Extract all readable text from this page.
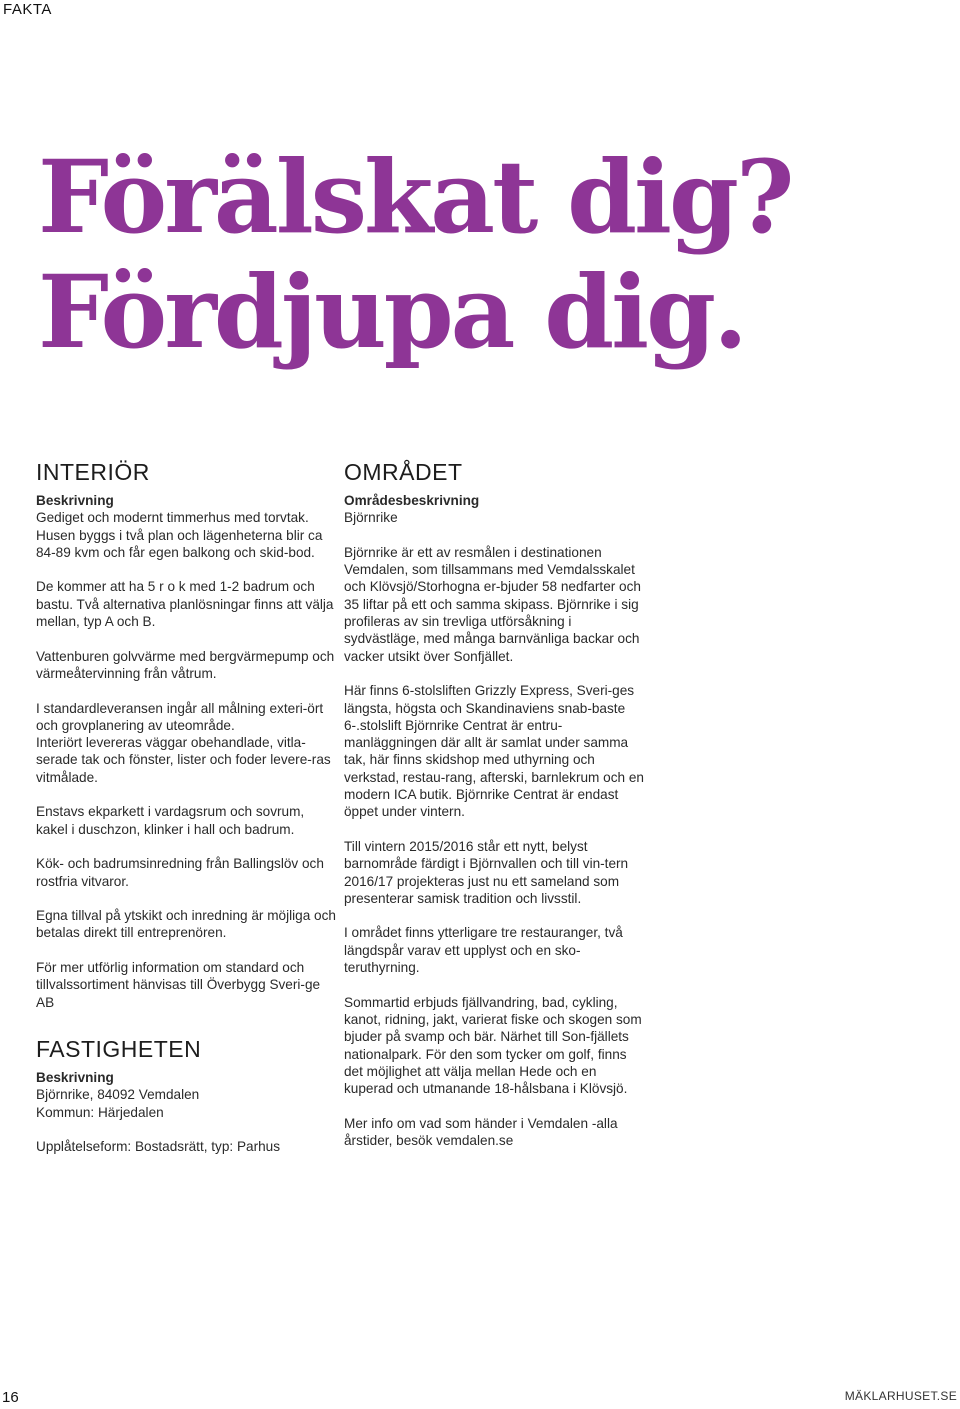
FAKTA
Förälskat dig?
Fördjupa dig.
INTERIÖR
Beskrivning

Gediget och modernt timmerhus med torvtak. Husen byggs i två plan och lägenheterna blir ca 84-89 kvm och får egen balkong och skid-bod.

De kommer att ha 5 r o k med 1-2 badrum och bastu. Två alternativa planlösningar finns att välja mellan, typ A och B.

Vattenburen golvvärme med bergvärmepump och värmeåtervinning från våtrum.

I standardleveransen ingår all målning exteri-ört och grovplanering av uteområde.

Interiört levereras väggar obehandlade, vitla-serade tak och fönster, lister och foder levere-ras vitmålade.

Enstavs ekparkett i vardagsrum och sovrum, kakel i duschzon, klinker i hall och badrum.

Kök- och badrumsinredning från Ballingslöv och rostfria vitvaror.

Egna tillval på ytskikt och inredning är möjliga och betalas direkt till entreprenören.

För mer utförlig information om standard och tillvalssortiment hänvisas till Överbygg Sveri-ge AB

FASTIGHETEN
Beskrivning
Björnrike, 84092 Vemdalen

Kommun: Härjedalen

Upplåtelseform: Bostadsrätt, typ: Parhus

OMRÅDET
Områdesbeskrivning

Björnrike

Björnrike är ett av resmålen i destinationen Vemdalen, som tillsammans med Vemdalsskalet och Klövsjö/Storhogna er-bjuder 58 nedfarter och 35 liftar på ett och samma skipass. Björnrike i sig profileras av sin trevliga utförsåkning i sydvästläge, med många barnvänliga backar och vacker utsikt över Sonfjället.

Här finns 6-stolsliften Grizzly Express, Sveri-ges längsta, högsta och Skandinaviens snab-baste 6-.stolslift Björnrike Centrat är entru-manläggningen där allt är samlat under samma tak, här finns skidshop med uthyrning och verkstad, restau-rang, afterski, barnlekrum och en modern ICA butik. Björnrike Centrat är endast öppet under vintern.

Till vintern 2015/2016 står ett nytt, belyst barnområde färdigt i Björnvallen och till vin-tern 2016/17 projekteras just nu ett sameland som presenterar samisk tradition och livsstil.

I området finns ytterligare tre restauranger, två längdspår varav ett upplyst och en sko-teruthyrning.

Sommartid erbjuds fjällvandring, bad, cykling, kanot, ridning, jakt, varierat fiske och skogen som bjuder på svamp och bär. Närhet till Son-fjällets nationalpark. För den som tycker om golf, finns det möjlighet att välja mellan Hede och en kuperad och utmanande 18-hålsbana i Klövsjö.

Mer info om vad som händer i Vemdalen -alla årstider, besök vemdalen.se

16	MÄKLARHUSET.SE
